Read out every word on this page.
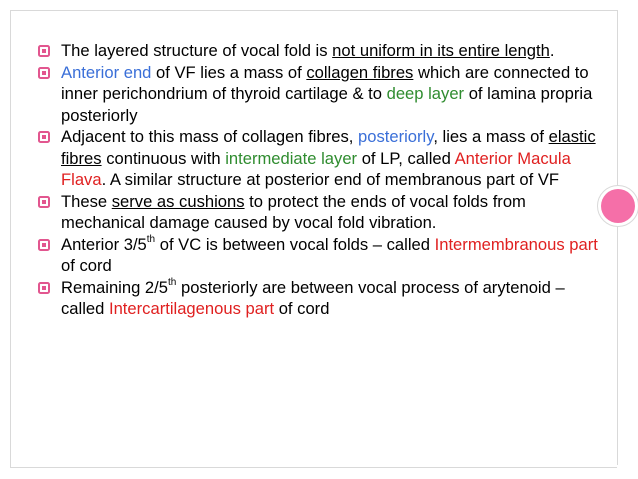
The layered structure of vocal fold is not uniform in its entire length.
Anterior end of VF lies a mass of collagen fibres which are connected to inner perichondrium of thyroid cartilage & to deep layer of lamina propria posteriorly
Adjacent to this mass of collagen fibres, posteriorly, lies a mass of elastic fibres continuous with intermediate layer of LP, called Anterior Macula Flava. A similar structure at posterior end of membranous part of VF
These serve as cushions to protect the ends of vocal folds from mechanical damage caused by vocal fold vibration.
Anterior 3/5th of VC is between vocal folds – called Intermembranous part of cord
Remaining 2/5th posteriorly are between vocal process of arytenoid – called Intercartilagenous part of cord
